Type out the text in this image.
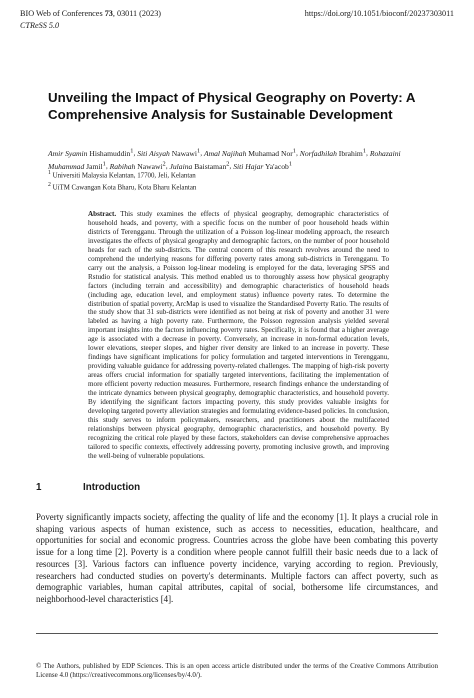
BIO Web of Conferences 73, 03011 (2023)	https://doi.org/10.1051/bioconf/20237303011
CTReSS 5.0
Unveiling the Impact of Physical Geography on Poverty: A Comprehensive Analysis for Sustainable Development
Amir Syamin Hishamuddin$^1$, Siti Aisyah Nawawi$^1$, Amal Najihah Muhamad Nor$^1$, Norfadhilah Ibrahim$^1$, Rohazaini Muhammad Jamil$^1$, Rabihah Nawawi$^2$, Julaina Baistaman$^2$, Siti Hajar Ya'acob$^1$
$^1$ Universiti Malaysia Kelantan, 17700, Jeli, Kelantan
$^2$ UiTM Cawangan Kota Bharu, Kota Bharu Kelantan
Abstract. This study examines the effects of physical geography, demographic characteristics of household heads, and poverty, with a specific focus on the number of poor household heads within districts of Terengganu. Through the utilization of a Poisson log-linear modeling approach, the research investigates the effects of physical geography and demographic factors, on the number of poor household heads for each of the sub-districts. The central concern of this research revolves around the need to comprehend the underlying reasons for differing poverty rates among sub-districts in Terengganu. To carry out the analysis, a Poisson log-linear modeling is employed for the data, leveraging SPSS and Rstudio for statistical analysis. This method enabled us to thoroughly assess how physical geography factors (including terrain and accessibility) and demographic characteristics of household heads (including age, education level, and employment status) influence poverty rates. To determine the distribution of spatial poverty, ArcMap is used to visualize the Standardised Poverty Ratio. The results of the study show that 31 sub-districts were identified as not being at risk of poverty and another 31 were labeled as having a high poverty rate. Furthermore, the Poisson regression analysis yielded several important insights into the factors influencing poverty rates. Specifically, it is found that a higher average age is associated with a decrease in poverty. Conversely, an increase in non-formal education levels, lower elevations, steeper slopes, and higher river density are linked to an increase in poverty. These findings have significant implications for policy formulation and targeted interventions in Terengganu, providing valuable guidance for addressing poverty-related challenges. The mapping of high-risk poverty areas offers crucial information for spatially targeted interventions, facilitating the implementation of more efficient poverty reduction measures. Furthermore, research findings enhance the understanding of the intricate dynamics between physical geography, demographic characteristics, and household poverty. By identifying the significant factors impacting poverty, this study provides valuable insights for developing targeted poverty alleviation strategies and formulating evidence-based policies. In conclusion, this study serves to inform policymakers, researchers, and practitioners about the multifaceted relationships between physical geography, demographic characteristics, and household poverty. By recognizing the critical role played by these factors, stakeholders can devise comprehensive approaches tailored to specific contexts, effectively addressing poverty, promoting inclusive growth, and improving the well-being of vulnerable populations.
1	Introduction
Poverty significantly impacts society, affecting the quality of life and the economy [1]. It plays a crucial role in shaping various aspects of human existence, such as access to necessities, education, healthcare, and opportunities for social and economic progress. Countries across the globe have been combating this poverty issue for a long time [2]. Poverty is a condition where people cannot fulfill their basic needs due to a lack of resources [3]. Various factors can influence poverty incidence, varying according to region. Previously, researchers had conducted studies on poverty's determinants. Multiple factors can affect poverty, such as demographic variables, human capital attributes, capital of social, bothersome life circumstances, and neighborhood-level characteristics [4].
© The Authors, published by EDP Sciences. This is an open access article distributed under the terms of the Creative Commons Attribution License 4.0 (https://creativecommons.org/licenses/by/4.0/).
